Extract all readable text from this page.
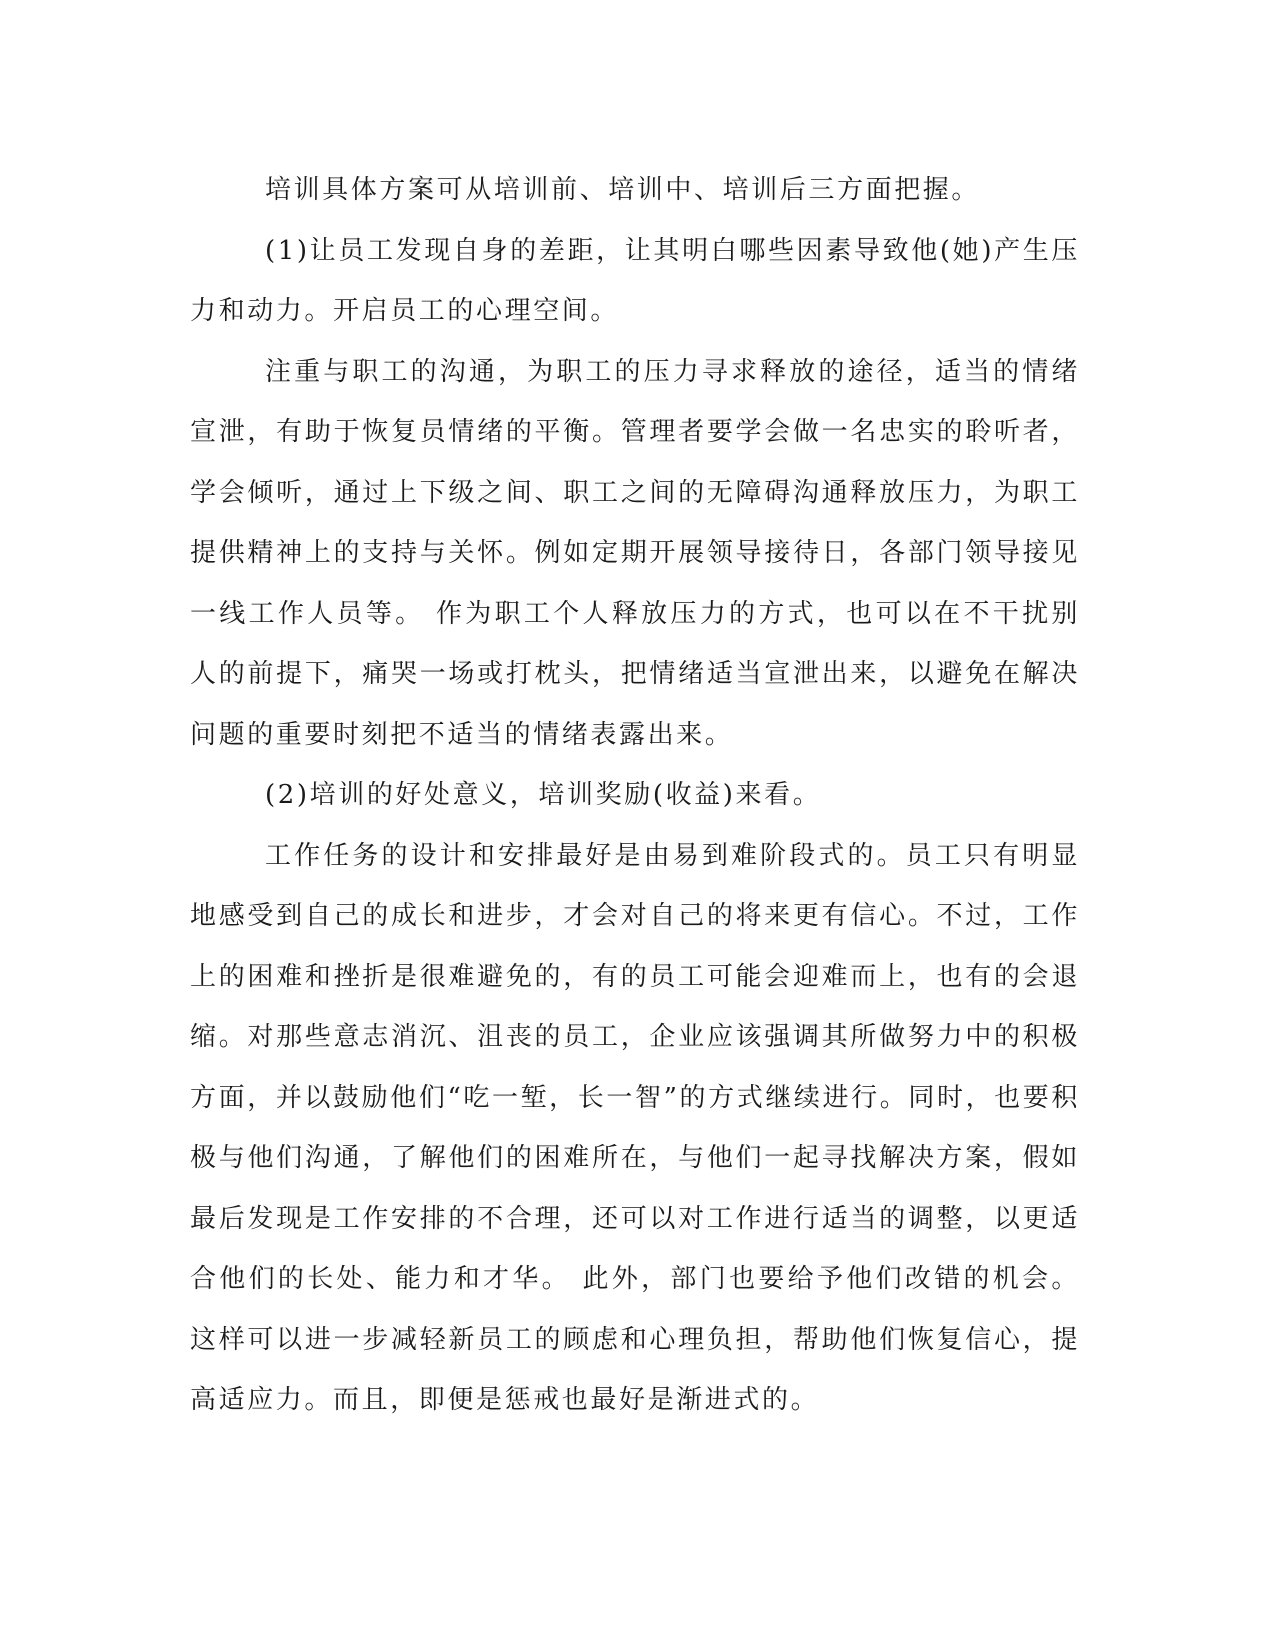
培训具体方案可从培训前、培训中、培训后三方面把握。

(1)让员工发现自身的差距，让其明白哪些因素导致他(她)产生压力和动力。开启员工的心理空间。

注重与职工的沟通，为职工的压力寻求释放的途径，适当的情绪宣泄，有助于恢复员情绪的平衡。管理者要学会做一名忠实的聆听者，学会倾听，通过上下级之间、职工之间的无障碍沟通释放压力，为职工提供精神上的支持与关怀。例如定期开展领导接待日，各部门领导接见一线工作人员等。 作为职工个人释放压力的方式，也可以在不干扰别人的前提下，痛哭一场或打枕头，把情绪适当宣泄出来，以避免在解决问题的重要时刻把不适当的情绪表露出来。

(2)培训的好处意义，培训奖励(收益)来看。

工作任务的设计和安排最好是由易到难阶段式的。员工只有明显地感受到自己的成长和进步，才会对自己的将来更有信心。不过，工作上的困难和挫折是很难避免的，有的员工可能会迎难而上，也有的会退缩。对那些意志消沉、沮丧的员工，企业应该强调其所做努力中的积极方面，并以鼓励他们“吃一堑，长一智”的方式继续进行。同时，也要积极与他们沟通，了解他们的困难所在，与他们一起寻找解决方案，假如最后发现是工作安排的不合理，还可以对工作进行适当的调整，以更适合他们的长处、能力和才华。 此外，部门也要给予他们改错的机会。这样可以进一步减轻新员工的顾虑和心理负担，帮助他们恢复信心，提高适应力。而且，即便是惩戒也最好是渐进式的。
